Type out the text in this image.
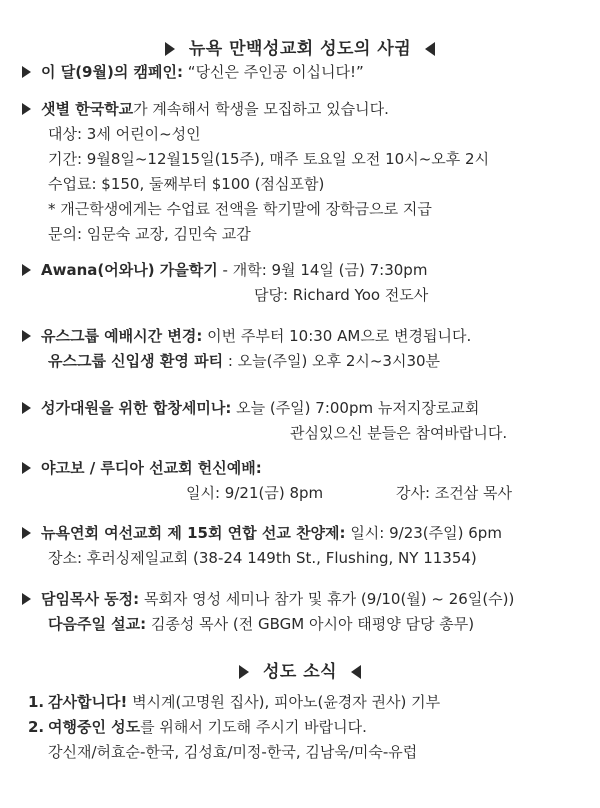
뉴욕 만백성교회 성도의 사귐
이 달(9월)의 캠페인: “당신은 주인공 이십니다!”
샛별 한국학교가 계속해서 학생을 모집하고 있습니다.
대상: 3세 어린이~성인
기간: 9월8일~12월15일(15주), 매주 토요일 오전 10시~오후 2시
수업료: $150, 둘째부터 $100 (점심포함)
* 개근학생에게는 수업료 전액을 학기말에 장학금으로 지급
문의: 임문숙 교장, 김민숙 교감
Awana(어와나) 가을학기 - 개학: 9월 14일 (금) 7:30pm
담당: Richard Yoo 전도사
유스그룹 예배시간 변경: 이번 주부터 10:30 AM으로 변경됩니다.
유스그룹 신입생 환영 파티 : 오늘(주일) 오후 2시~3시30분
성가대원을 위한 합창세미나: 오늘 (주일) 7:00pm 뉴저지장로교회
관심있으신 분들은 참여바랍니다.
야고보 / 루디아 선교회 헌신예배:
일시: 9/21(금) 8pm	강사: 조건삼 목사
뉴욕연회 여선교회 제 15회 연합 선교 찬양제: 일시: 9/23(주일) 6pm
장소: 후러싱제일교회 (38-24 149th St., Flushing, NY 11354)
담임목사 동정: 목회자 영성 세미나 참가 및 휴가 (9/10(월) ~ 26일(수))
다음주일 설교: 김종성 목사 (전 GBGM 아시아 태평양 담당 총무)
성도 소식
1. 감사합니다! 벽시계(고명원 집사), 피아노(윤경자 권사) 기부
2. 여행중인 성도를 위해서 기도해 주시기 바랍니다.
강신재/허효순-한국, 김성효/미정-한국, 김남욱/미숙-유럽
